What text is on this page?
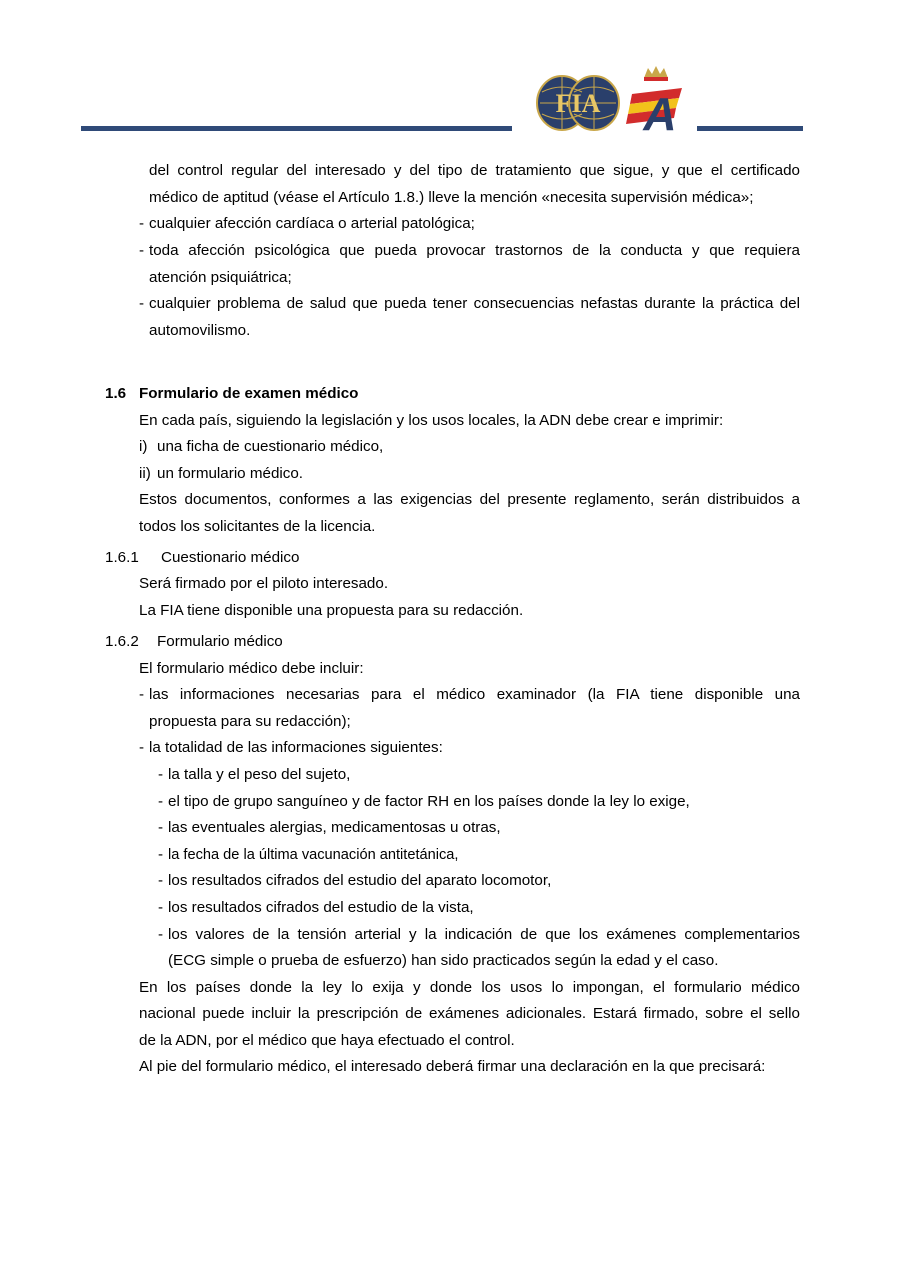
FIA A
del control regular del interesado y del tipo de tratamiento que sigue, y que el certificado
médico de aptitud (véase el Artículo 1.8.) lleve la mención «necesita supervisión médica»;
- cualquier afección cardíaca o arterial patológica;
- toda afección psicológica que pueda provocar trastornos de la conducta y que requiera
atención psiquiátrica;
- cualquier problema de salud que pueda tener consecuencias nefastas durante la práctica del
automovilismo.
1.6 Formulario de examen médico
En cada país, siguiendo la legislación y los usos locales, la ADN debe crear e imprimir:
i) una ficha de cuestionario médico,
ii) un formulario médico.
Estos documentos, conformes a las exigencias del presente reglamento, serán distribuidos a
todos los solicitantes de la licencia.
1.6.1 Cuestionario médico
Será firmado por el piloto interesado.
La FIA tiene disponible una propuesta para su redacción.
1.6.2 Formulario médico
El formulario médico debe incluir:
- las informaciones necesarias para el médico examinador (la FIA tiene disponible una
propuesta para su redacción);
- la totalidad de las informaciones siguientes:
- la talla y el peso del sujeto,
- el tipo de grupo sanguíneo y de factor RH en los países donde la ley lo exige,
- las eventuales alergias, medicamentosas u otras,
- la fecha de la última vacunación antitetánica,
- los resultados cifrados del estudio del aparato locomotor,
- los resultados cifrados del estudio de la vista,
- los valores de la tensión arterial y la indicación de que los exámenes complementarios
(ECG simple o prueba de esfuerzo) han sido practicados según la edad y el caso.
En los países donde la ley lo exija y donde los usos lo impongan, el formulario médico
nacional puede incluir la prescripción de exámenes adicionales. Estará firmado, sobre el sello
de la ADN, por el médico que haya efectuado el control.
Al pie del formulario médico, el interesado deberá firmar una declaración en la que precisará:
